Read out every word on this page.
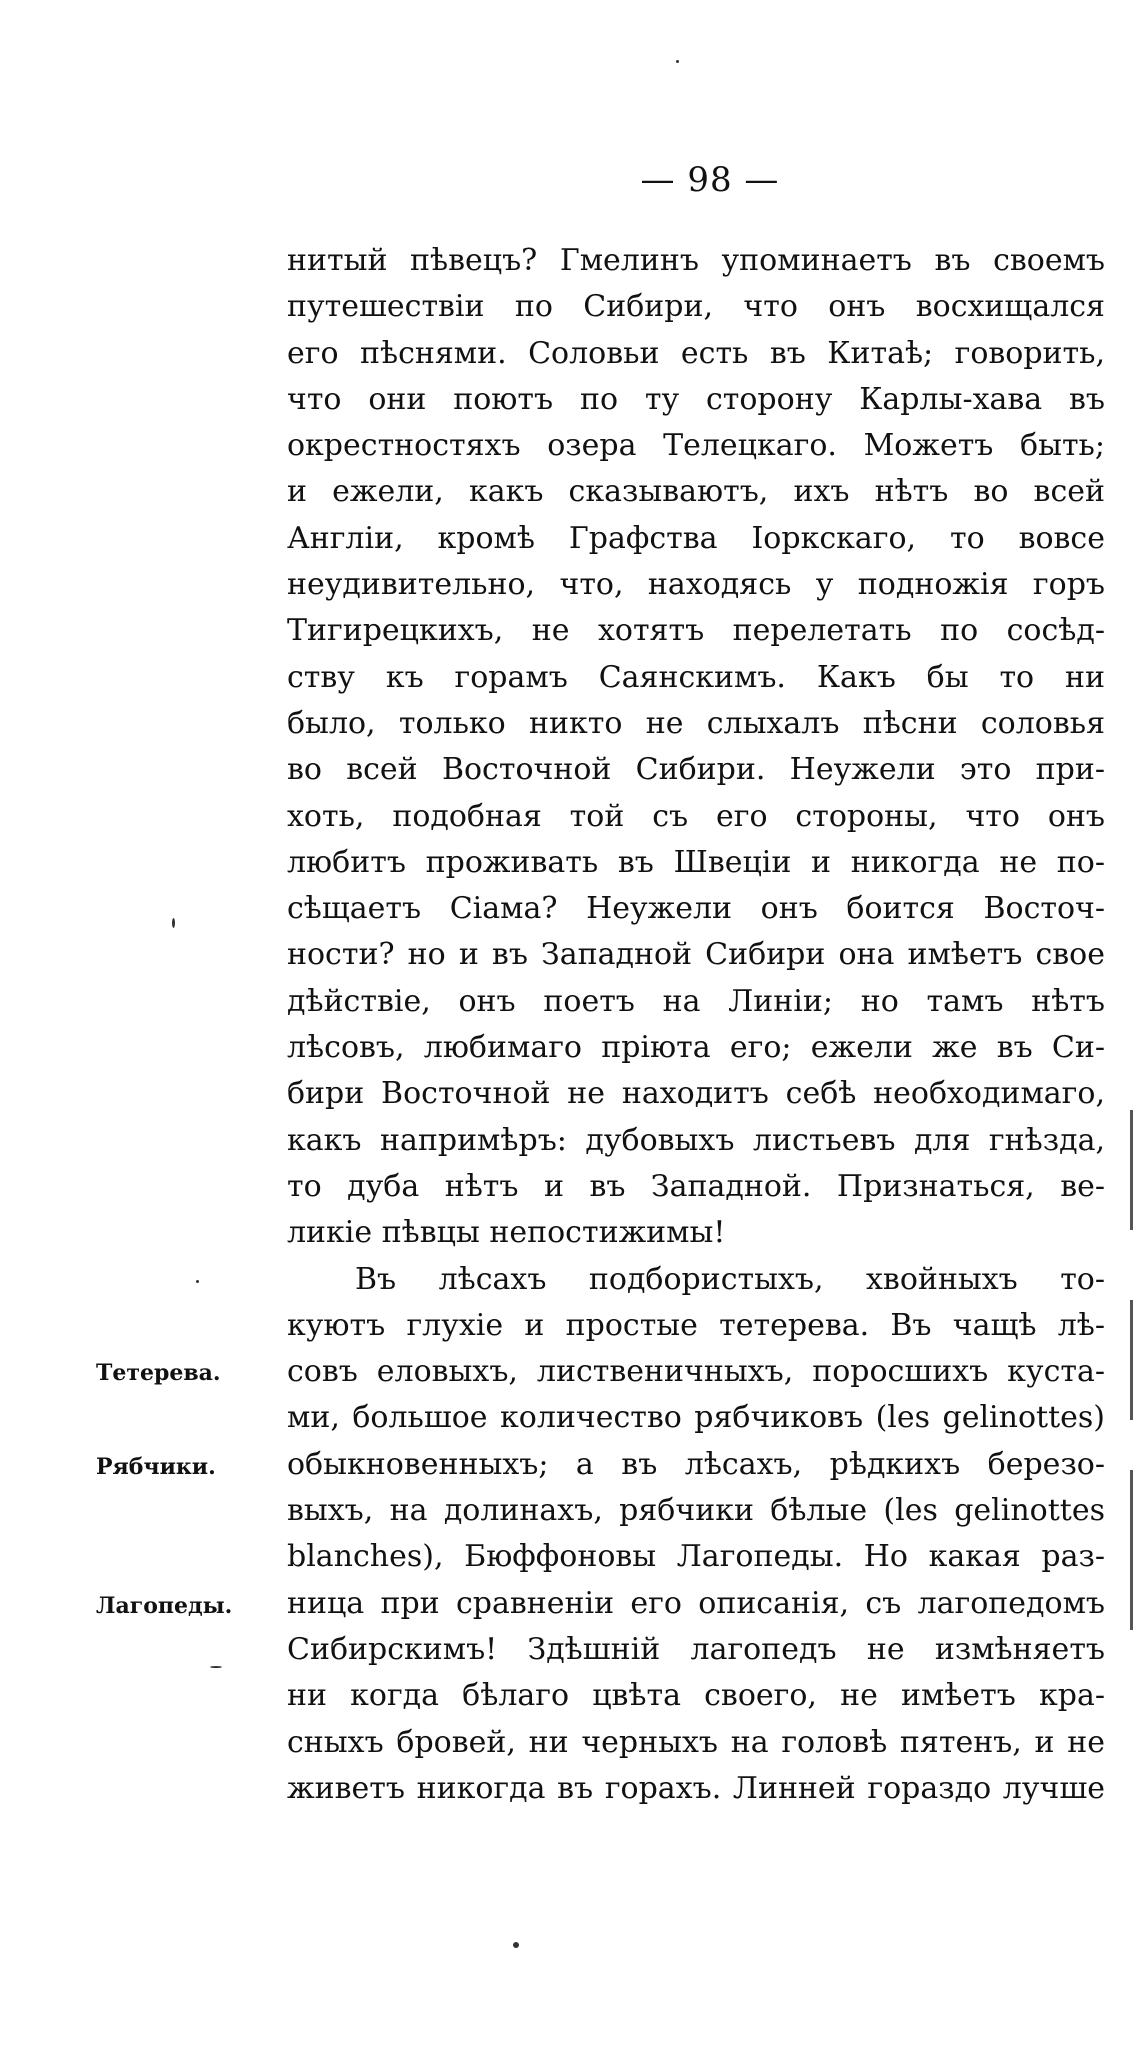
— 98 —
нитый пѣвецъ? Гмелинъ упоминаетъ въ своемъ
путешествіи по Сибири, что онъ восхищался
его пѣснями. Соловьи есть въ Китаѣ; говорить,
что они поютъ по ту сторону Карлы-хава въ
окрестностяхъ озера Телецкаго. Можетъ быть;
и ежели, какъ сказываютъ, ихъ нѣтъ во всей
Англіи, кромѣ Графства Іоркскаго, то вовсе
неудивительно, что, находясь у подножія горъ
Тигирецкихъ, не хотятъ перелетать по сосѣд-
ству къ горамъ Саянскимъ. Какъ бы то ни
было, только никто не слыхалъ пѣсни соловья
во всей Восточной Сибири. Неужели это при-
хоть, подобная той съ его стороны, что онъ
любитъ проживать въ Швеціи и никогда не по-
сѣщаетъ Сіама? Неужели онъ боится Восточ-
ности? но и въ Западной Сибири она имѣетъ свое
дѣйствіе, онъ поетъ на Линіи; но тамъ нѣтъ
лѣсовъ, любимаго пріюта его; ежели же въ Си-
бири Восточной не находитъ себѣ необходимаго,
какъ напримѣръ: дубовыхъ листьевъ для гнѣзда,
то дуба нѣтъ и въ Западной. Признаться, ве-
ликіе пѣвцы непостижимы!
Въ лѣсахъ подбористыхъ, хвойныхъ то-
куютъ глухіе и простые тетерева. Въ чащѣ лѣ-
совъ еловыхъ, лиственичныхъ, поросшихъ кустa-
ми, большое количество рябчиковъ (les gelinottes)
обыкновенныхъ; а въ лѣсахъ, рѣдкихъ березо-
выхъ, на долинахъ, рябчики бѣлые (les gelinottes
blanches), Бюффоновы Лагопеды. Но какая раз-
ница при сравненіи его описанія, съ лагопедомъ
Сибирскимъ! Здѣшній лагопедъ не измѣняетъ
ни когда бѣлаго цвѣта своего, не имѣетъ кра-
сныхъ бровей, ни черныхъ на головѣ пятенъ, и не
живетъ никогда въ горахъ. Линней гораздо лучше
Тетерева.
Рябчики.
Лагопеды.
